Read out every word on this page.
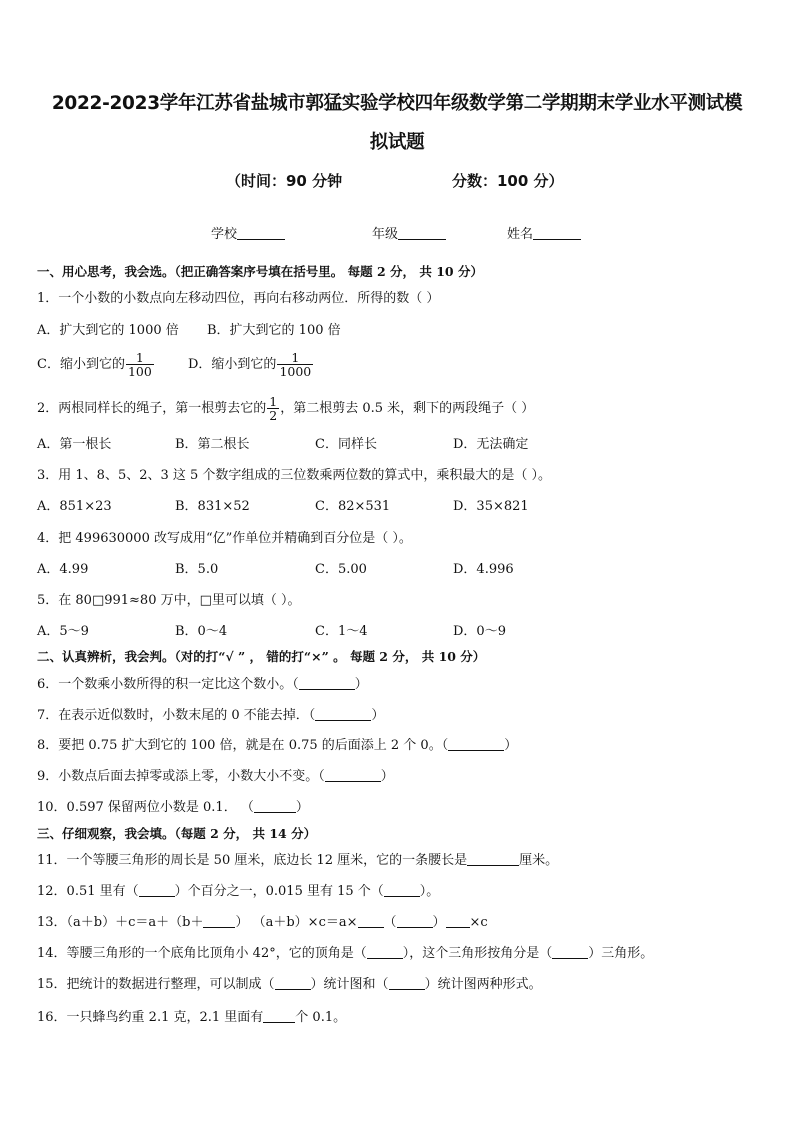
2022-2023学年江苏省盐城市郭猛实验学校四年级数学第二学期期末学业水平测试模
拟试题
（时间：90 分钟	分数：100 分）
学校	年级	姓名
一、用心思考，我会选。（把正确答案序号填在括号里。 每题 2 分， 共 10 分）
1．一个小数的小数点向左移动四位，再向右移动两位．所得的数（ ）
A．扩大到它的 1000 倍 B．扩大到它的 100 倍
C．缩小到它的 $\frac{1}{100}$	D．缩小到它的 $\frac{1}{1000}$
2．两根同样长的绳子，第一根剪去它的 $\frac{1}{2}$ ，第二根剪去 0.5 米，剩下的两段绳子（ ）
A．第一根长	B．第二根长	C．同样长	D．无法确定
3．用 1、8、5、2、3 这 5 个数字组成的三位数乘两位数的算式中，乘积最大的是（ ）。
A．851×23	B．831×52	C．82×531	D．35×821
4．把 499630000 改写成用“亿”作单位并精确到百分位是（ ）。
A．4.99	B．5.0	C．5.00	D．4.996
5．在 80□991≈80 万中，□里可以填（ ）。
A．5～9	B．0～4	C．1～4	D．0～9
二、认真辨析，我会判。（对的打“√ ” ， 错的打“×” 。 每题 2 分， 共 10 分）
6．一个数乘小数所得的积一定比这个数小。（	）
7．在表示近似数时，小数末尾的 0 不能去掉．（	）
8．要把 0.75 扩大到它的 100 倍，就是在 0.75 的后面添上 2 个 0。（	）
9．小数点后面去掉零或添上零，小数大小不变。（	）
10．0.597 保留两位小数是 0.1． （	）
三、仔细观察，我会填。（每题 2 分， 共 14 分）
11．一个等腰三角形的周长是 50 厘米，底边长 12 厘米，它的一条腰长是	厘米。
12．0.51 里有（	）个百分之一，0.015 里有 15 个（	）。
13．（a＋b）＋c＝a＋（b＋ ） （a＋b）×c＝a× （	） ×c
14．等腰三角形的一个底角比顶角小 42°，它的顶角是（	），这个三角形按角分是（	）三角形。
15．把统计的数据进行整理，可以制成（	）统计图和（	）统计图两种形式。
16．一只蜂鸟约重 2.1 克，2.1 里面有 个 0.1。
